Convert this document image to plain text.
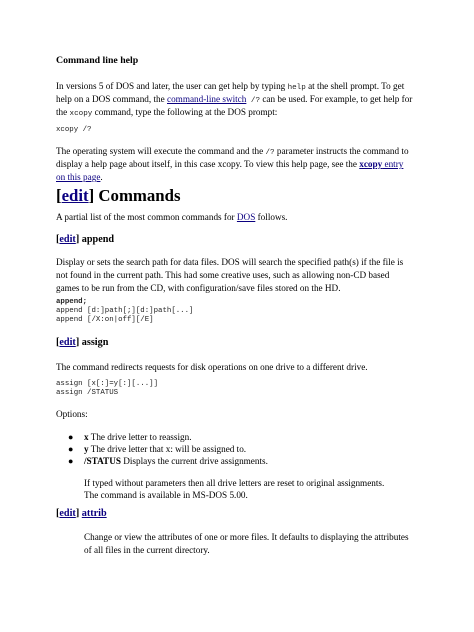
Command line help

In versions 5 of DOS and later, the user can get help by typing help at the shell prompt. To get

help on a DOS command, the command-line switch /? can be used. For example, to get help for

the xcopy command, type the following at the DOS prompt:

xcopy /?

The operating system will execute the command and the /? parameter instructs the command to

display a help page about itself, in this case xcopy. To view this help page, see the xcopy entry

on this page.

[edit] Commands

A partial list of the most common commands for DOS follows.

[edit] append

Display or sets the search path for data files. DOS will search the specified path(s) if the file is

not found in the current path. This had some creative uses, such as allowing non-CD based

games to be run from the CD, with configuration/save files stored on the HD.

append;

append [d:]path[;][d:]path[...]

append [/X:on|off][/E]

[edit] assign

The command redirects requests for disk operations on one drive to a different drive.

assign [x[:]=y[:][...]]

assign /STATUS

Options:

● x The drive letter to reassign.

● y The drive letter that x: will be assigned to.

● /STATUS Displays the current drive assignments.

If typed without parameters then all drive letters are reset to original assignments.

The command is available in MS-DOS 5.00.

[edit] attrib

Change or view the attributes of one or more files. It defaults to displaying the attributes

of all files in the current directory.
